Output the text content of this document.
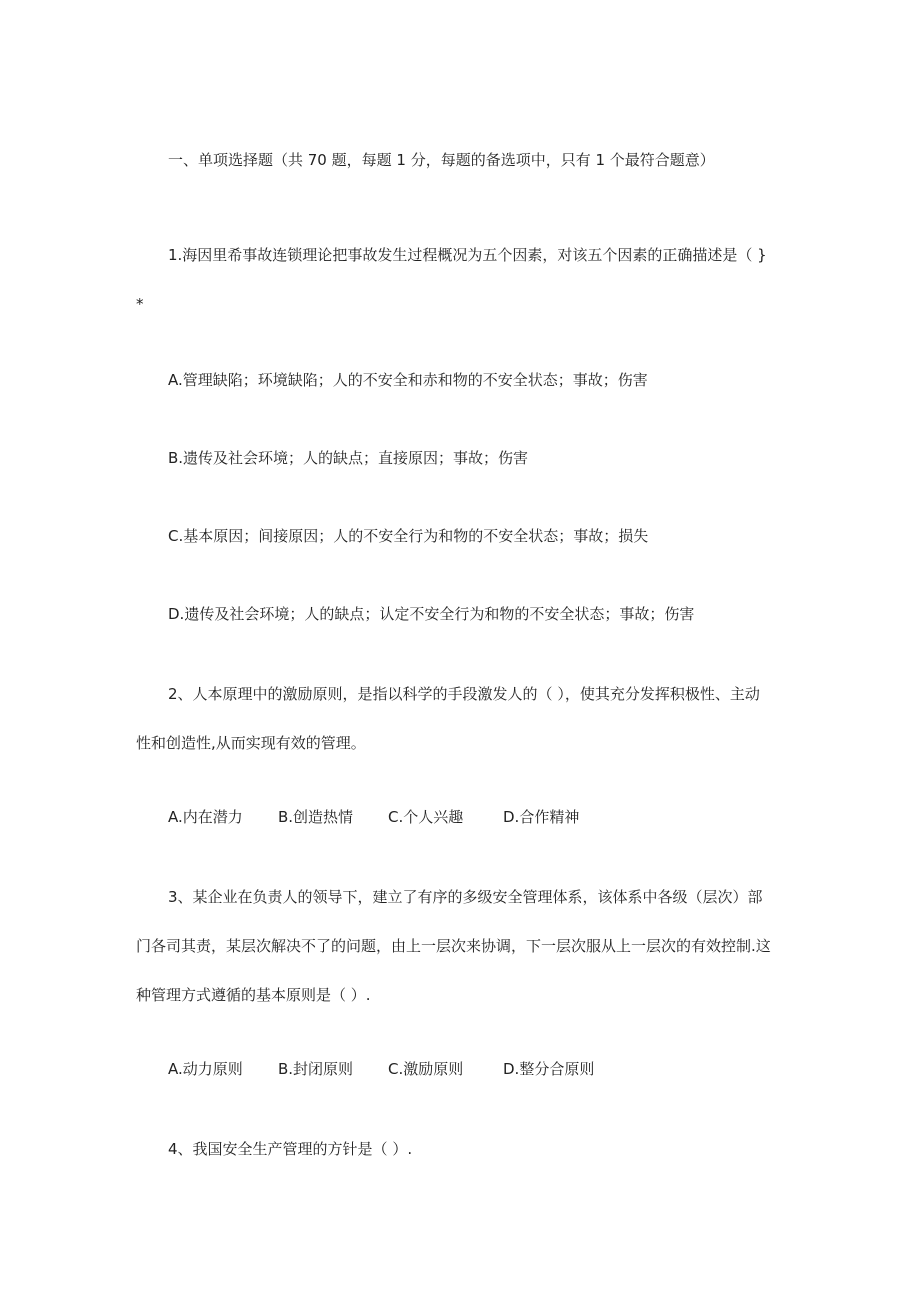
一、单项选择题（共 70 题，每题 1 分，每题的备选项中，只有 1 个最符合题意）
1.海因里希事故连锁理论把事故发生过程概况为五个因素，对该五个因素的正确描述是（ }
*
A.管理缺陷；环境缺陷；人的不安全和赤和物的不安全状态；事故；伤害
B.遗传及社会环境；人的缺点；直接原因；事故；伤害
C.基本原因；间接原因；人的不安全行为和物的不安全状态；事故；损失
D.遗传及社会环境；人的缺点；认定不安全行为和物的不安全状态；事故；伤害
2、人本原理中的激励原则，是指以科学的手段激发人的（ ），使其充分发挥积极性、主动
性和创造性,从而实现有效的管理。
A.内在潜力 B.创造热情 C.个人兴趣	D.合作精神
3、某企业在负责人的领导下，建立了有序的多级安全管理体系，该体系中各级（层次）部
门各司其责，某层次解决不了的问题，由上一层次来协调，下一层次服从上一层次的有效控制.这
种管理方式遵循的基本原则是（ ）.
A.动力原则 B.封闭原则 C.激励原则	D.整分合原则
4、我国安全生产管理的方针是（ ）.
